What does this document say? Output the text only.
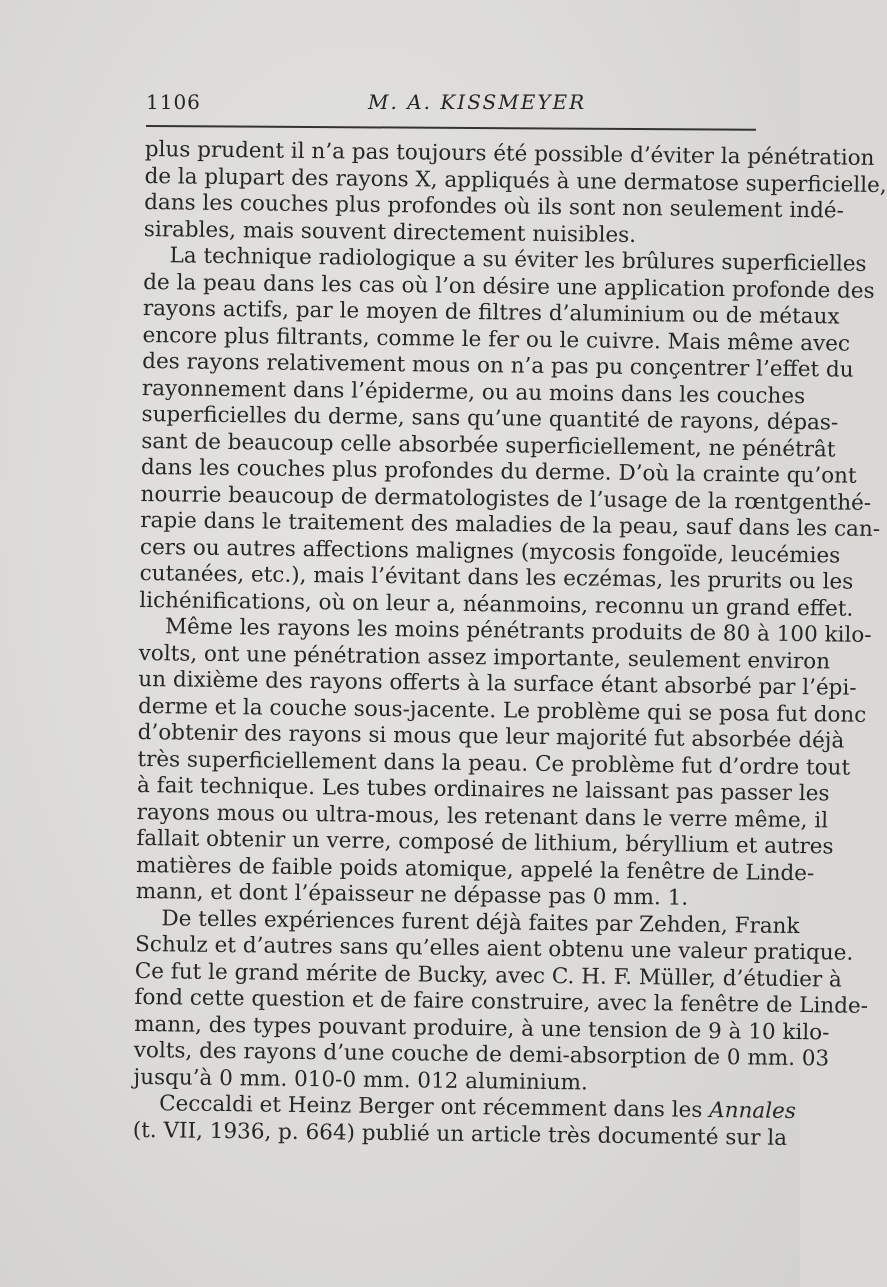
1106	M. A. KISSMEYER
plus prudent il n’a pas toujours été possible d’éviter la pénétration
de la plupart des rayons X, appliqués à une dermatose superficielle,
dans les couches plus profondes où ils sont non seulement indé-
sirables, mais souvent directement nuisibles.
La technique radiologique a su éviter les brûlures superficielles
de la peau dans les cas où l’on désire une application profonde des
rayons actifs, par le moyen de filtres d’aluminium ou de métaux
encore plus filtrants, comme le fer ou le cuivre. Mais même avec
des rayons relativement mous on n’a pas pu conçentrer l’effet du
rayonnement dans l’épiderme, ou au moins dans les couches
superficielles du derme, sans qu’une quantité de rayons, dépas-
sant de beaucoup celle absorbée superficiellement, ne pénétrât
dans les couches plus profondes du derme. D’où la crainte qu’ont
nourrie beaucoup de dermatologistes de l’usage de la rœntgenthé-
rapie dans le traitement des maladies de la peau, sauf dans les can-
cers ou autres affections malignes (mycosis fongoïde, leucémies
cutanées, etc.), mais l’évitant dans les eczémas, les prurits ou les
lichénifications, où on leur a, néanmoins, reconnu un grand effet.
Même les rayons les moins pénétrants produits de 80 à 100 kilo-
volts, ont une pénétration assez importante, seulement environ
un dixième des rayons offerts à la surface étant absorbé par l’épi-
derme et la couche sous-jacente. Le problème qui se posa fut donc
d’obtenir des rayons si mous que leur majorité fut absorbée déjà
très superficiellement dans la peau. Ce problème fut d’ordre tout
à fait technique. Les tubes ordinaires ne laissant pas passer les
rayons mous ou ultra-mous, les retenant dans le verre même, il
fallait obtenir un verre, composé de lithium, béryllium et autres
matières de faible poids atomique, appelé la fenêtre de Linde-
mann, et dont l’épaisseur ne dépasse pas 0 mm. 1.
De telles expériences furent déjà faites par Zehden, Frank
Schulz et d’autres sans qu’elles aient obtenu une valeur pratique.
Ce fut le grand mérite de Bucky, avec C. H. F. Müller, d’étudier à
fond cette question et de faire construire, avec la fenêtre de Linde-
mann, des types pouvant produire, à une tension de 9 à 10 kilo-
volts, des rayons d’une couche de demi-absorption de 0 mm. 03
jusqu’à 0 mm. 010-0 mm. 012 aluminium.
Ceccaldi et Heinz Berger ont récemment dans les Annales
(t. VII, 1936, p. 664) publié un article très documenté sur la
